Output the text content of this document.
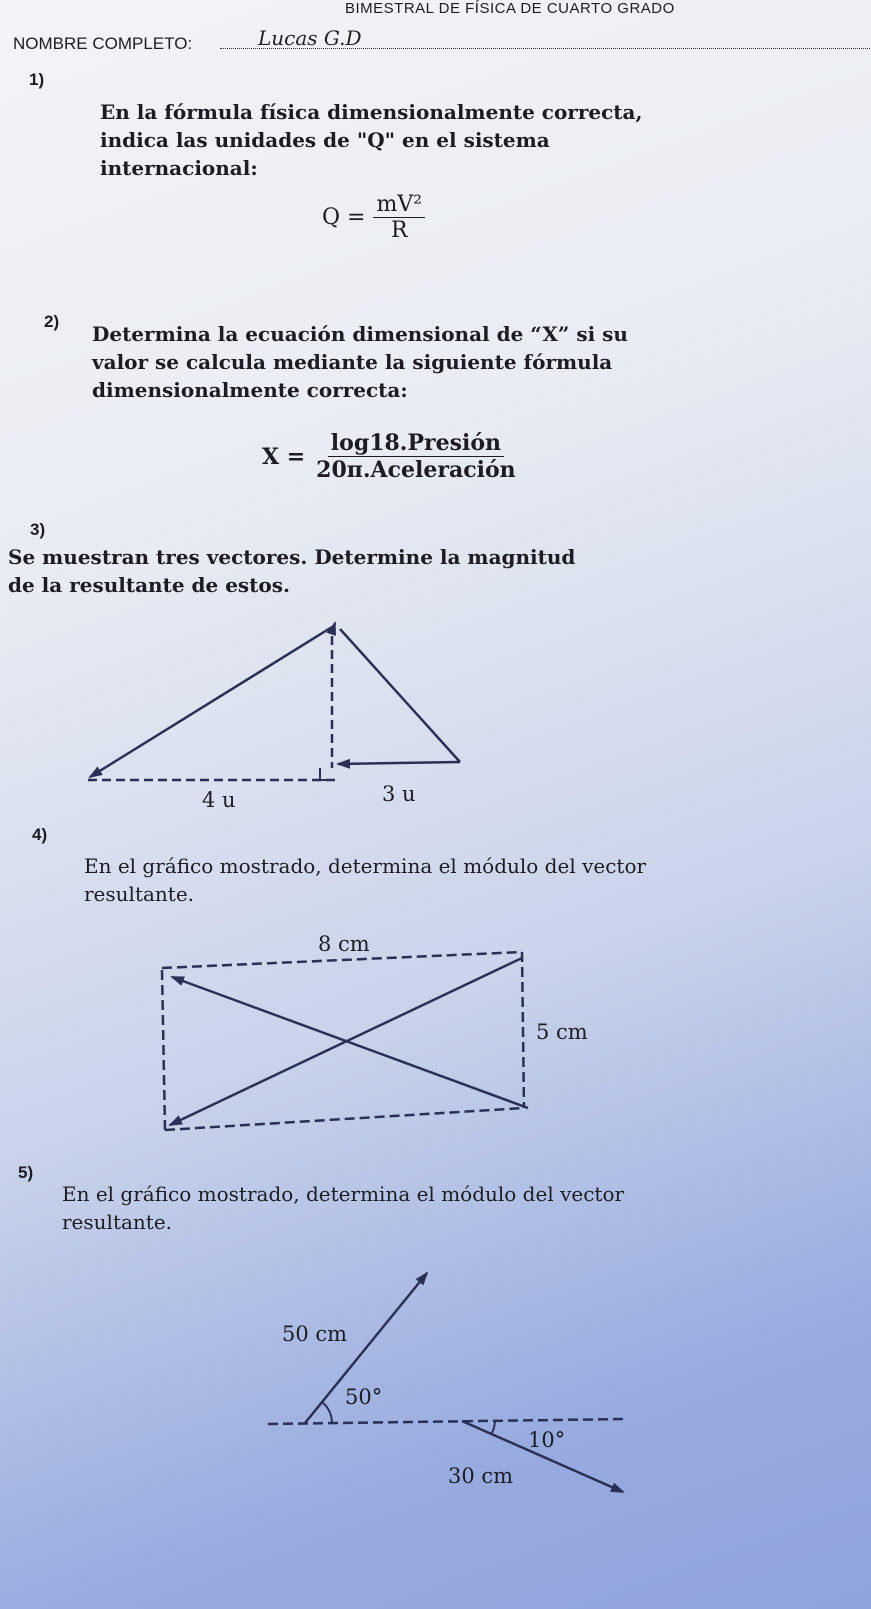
BIMESTRAL DE FÍSICA DE CUARTO GRADO
NOMBRE COMPLETO:	Lucas G.D
1)
En la fórmula física dimensionalmente correcta, indica las unidades de "Q" en el sistema internacional:
$Q = \frac{\text{mV²}}{R}$
2)
Determina la ecuación dimensional de “X” si su valor se calcula mediante la siguiente fórmula dimensionalmente correcta:
$X = \frac{\text{log18.Presión}}{\text{20π.Aceleración}}$
3)
Se muestran tres vectores. Determine la magnitud de la resultante de estos.
4)
En el gráfico mostrado, determina el módulo del vector resultante.
5)
En el gráfico mostrado, determina el módulo del vector resultante.
4 u	3 u
8 cm
5 cm
50 cm
50°
10°
30 cm
